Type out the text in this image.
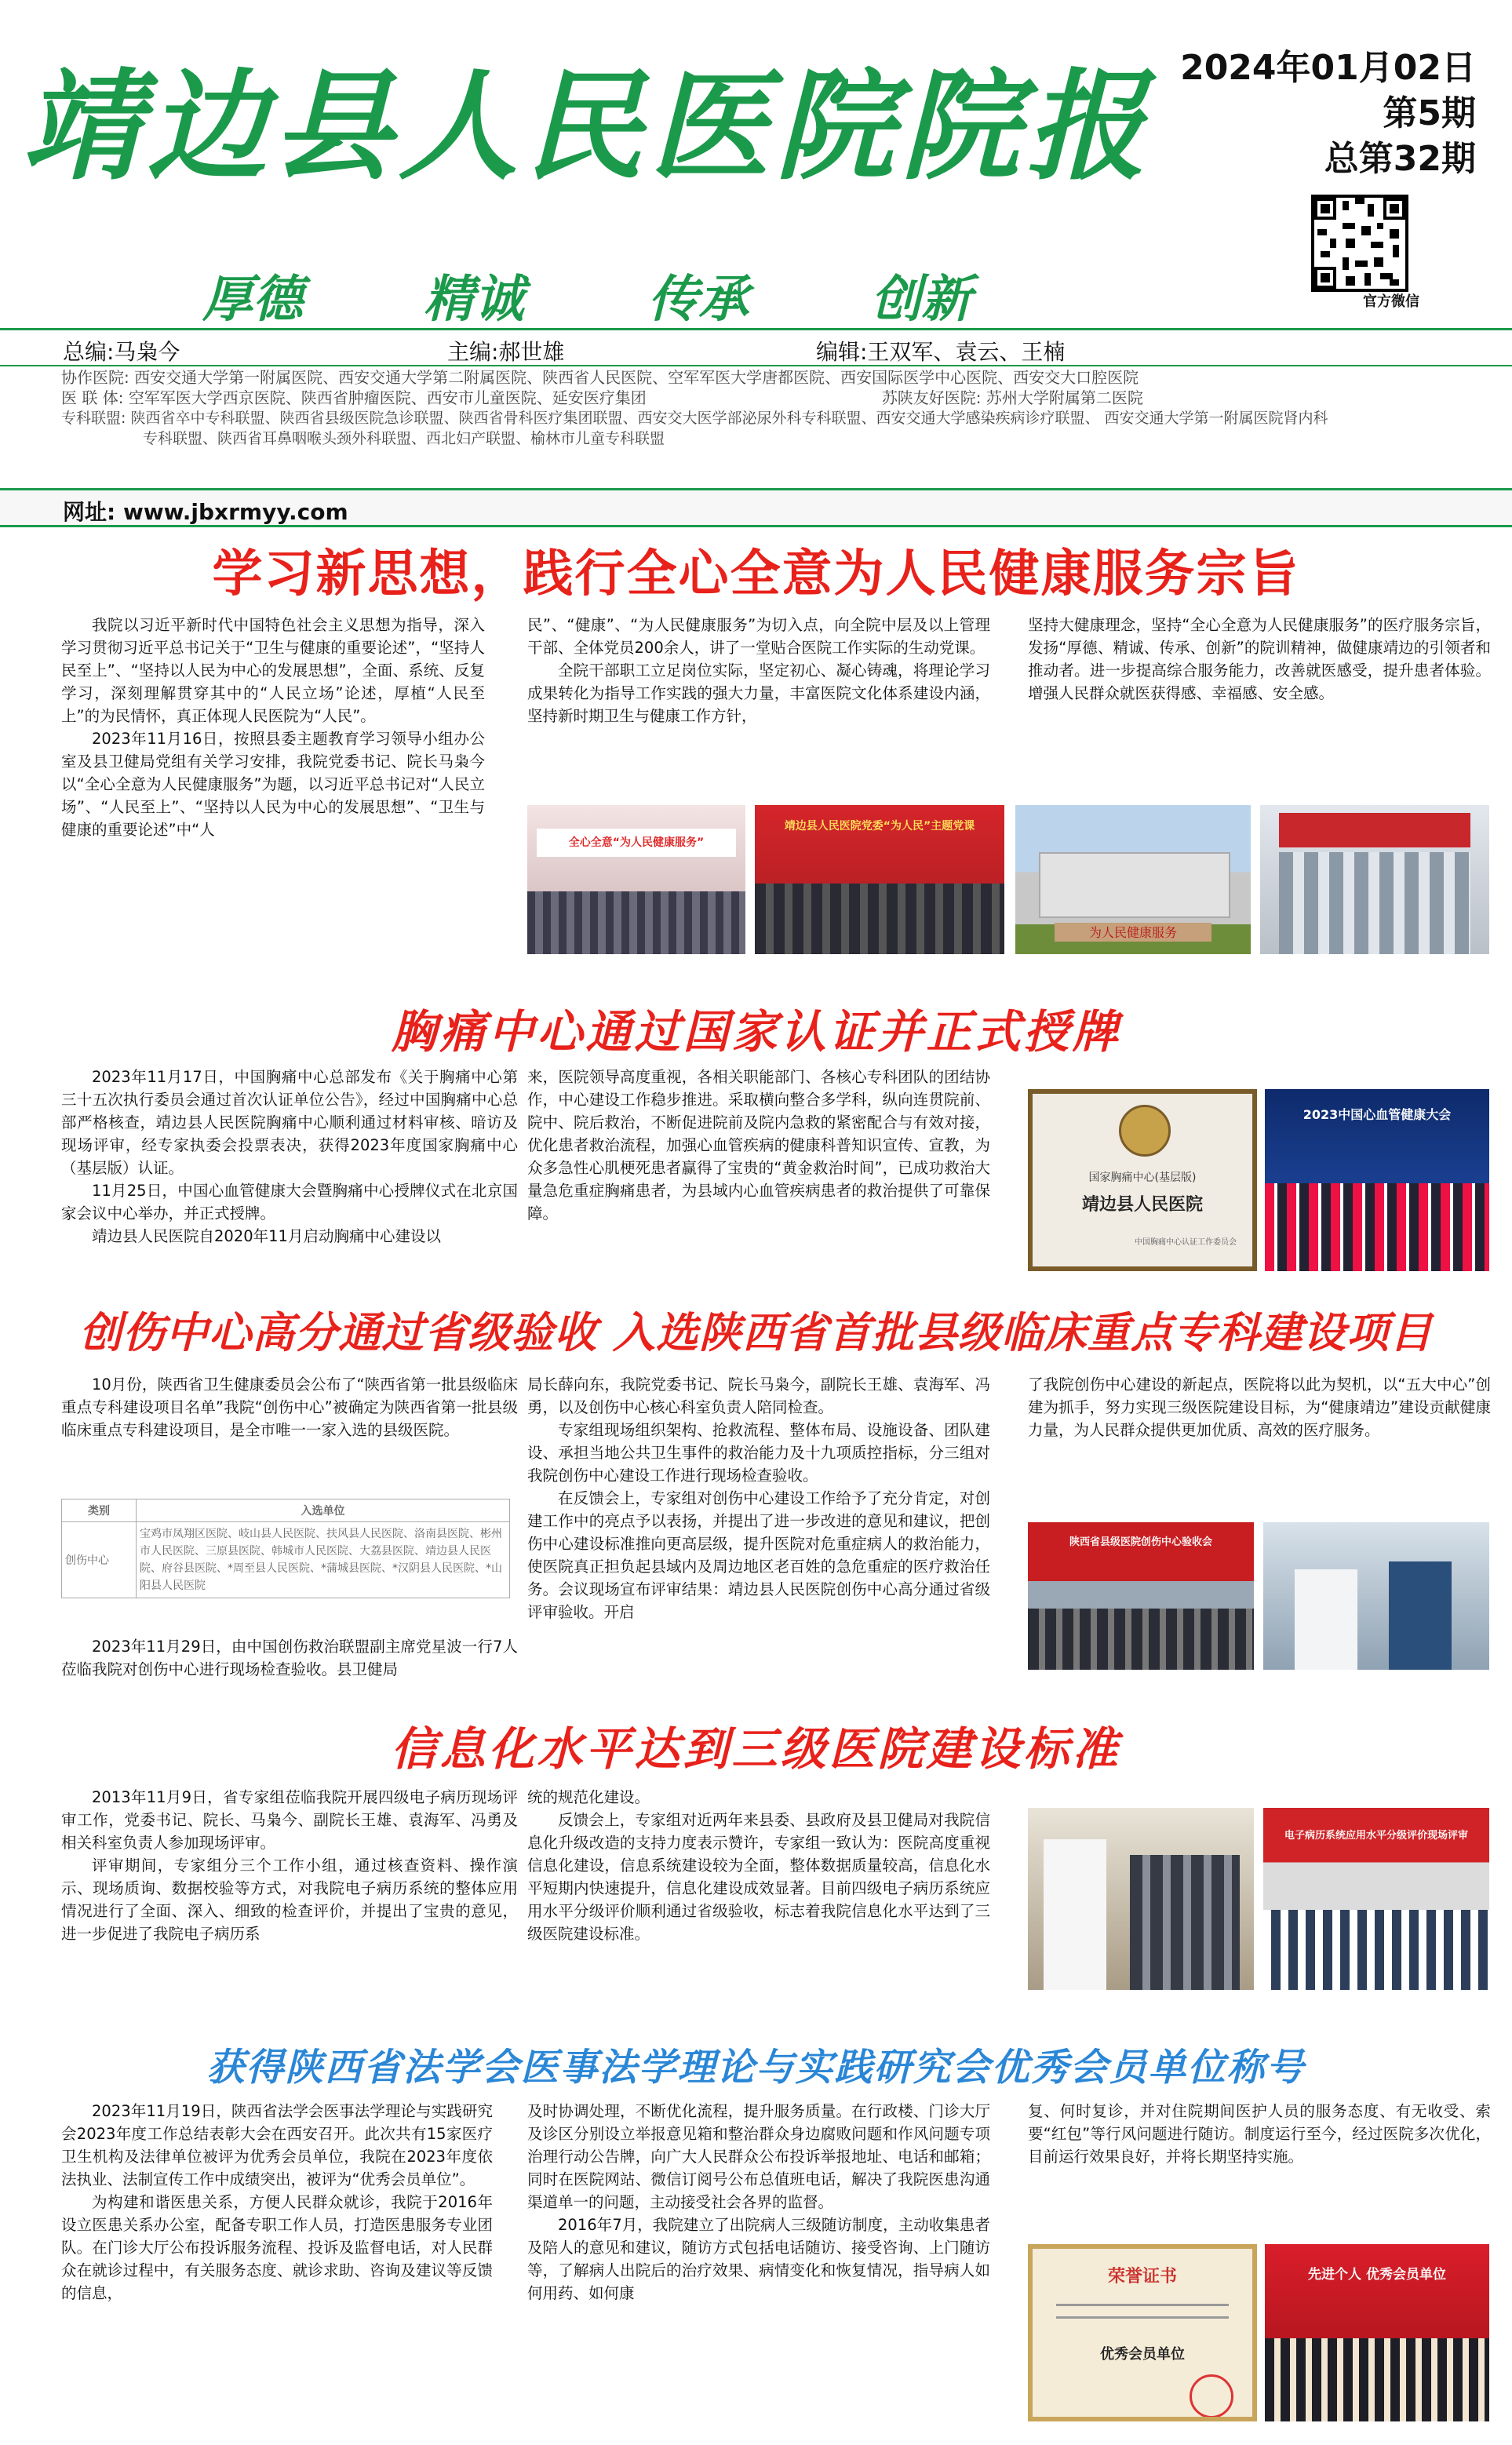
靖边县人民医院院报
厚德 精诚 传承 创新
2024年01月02日
第5期
总第32期
官方微信
总编:马枭今	主编:郝世雄	编辑:王双军、袁云、王楠
协作医院: 西安交通大学第一附属医院、西安交通大学第二附属医院、陕西省人民医院、空军军医大学唐都医院、西安国际医学中心医院、西安交大口腔医院
医 联 体: 空军军医大学西京医院、陕西省肿瘤医院、西安市儿童医院、延安医疗集团	苏陕友好医院: 苏州大学附属第二医院
专科联盟: 陕西省卒中专科联盟、陕西省县级医院急诊联盟、陕西省骨科医疗集团联盟、西安交大医学部泌尿外科专科联盟、西安交通大学感染疾病诊疗联盟、 西安交通大学第一附属医院肾内科
专科联盟、陕西省耳鼻咽喉头颈外科联盟、西北妇产联盟、榆林市儿童专科联盟
网址: www.jbxrmyy.com
学习新思想，践行全心全意为人民健康服务宗旨

我院以习近平新时代中国特色社会主义思想为指导，深入学习贯彻习近平总书记关于“卫生与健康的重要论述”，“坚持人民至上”、“坚持以人民为中心的发展思想”，全面、系统、反复学习，深刻理解贯穿其中的“人民立场”论述，厚植“人民至上”的为民情怀，真正体现人民医院为“人民”。

2023年11月16日，按照县委主题教育学习领导小组办公室及县卫健局党组有关学习安排，我院党委书记、院长马枭今以“全心全意为人民健康服务”为题，以习近平总书记对“人民立场”、“人民至上”、“坚持以人民为中心的发展思想”、“卫生与健康的重要论述”中“人

民”、“健康”、“为人民健康服务”为切入点，向全院中层及以上管理干部、全体党员200余人，讲了一堂贴合医院工作实际的生动党课。

全院干部职工立足岗位实际，坚定初心、凝心铸魂，将理论学习成果转化为指导工作实践的强大力量，丰富医院文化体系建设内涵，坚持新时期卫生与健康工作方针，

坚持大健康理念，坚持“全心全意为人民健康服务”的医疗服务宗旨，发扬“厚德、精诚、传承、创新”的院训精神，做健康靖边的引领者和推动者。进一步提高综合服务能力，改善就医感受，提升患者体验。增强人民群众就医获得感、幸福感、安全感。

全心全意“为人民健康服务”
靖边县人民医院党委“为人民”主题党课
为人民健康服务
胸痛中心通过国家认证并正式授牌

2023年11月17日，中国胸痛中心总部发布《关于胸痛中心第三十五次执行委员会通过首次认证单位公告》，经过中国胸痛中心总部严格核查，靖边县人民医院胸痛中心顺利通过材料审核、暗访及现场评审，经专家执委会投票表决，获得2023年度国家胸痛中心（基层版）认证。

11月25日，中国心血管健康大会暨胸痛中心授牌仪式在北京国家会议中心举办，并正式授牌。

靖边县人民医院自2020年11月启动胸痛中心建设以

来，医院领导高度重视，各相关职能部门、各核心专科团队的团结协作，中心建设工作稳步推进。采取横向整合多学科，纵向连贯院前、院中、院后救治，不断促进院前及院内急救的紧密配合与有效对接，优化患者救治流程，加强心血管疾病的健康科普知识宣传、宣教，为众多急性心肌梗死患者赢得了宝贵的“黄金救治时间”，已成功救治大量急危重症胸痛患者，为县域内心血管疾病患者的救治提供了可靠保障。

国家胸痛中心(基层版)
靖边县人民医院
中国胸痛中心认证工作委员会
2023中国心血管健康大会
创伤中心高分通过省级验收 入选陕西省首批县级临床重点专科建设项目

10月份，陕西省卫生健康委员会公布了“陕西省第一批县级临床重点专科建设项目名单”我院“创伤中心”被确定为陕西省第一批县级临床重点专科建设项目，是全市唯一一家入选的县级医院。

类别	入选单位
创伤中心	宝鸡市凤翔区医院、岐山县人民医院、扶风县人民医院、洛南县医院、彬州市人民医院、三原县医院、韩城市人民医院、大荔县医院、靖边县人民医院、府谷县医院、*周至县人民医院、*蒲城县医院、*汉阴县人民医院、*山阳县人民医院

2023年11月29日，由中国创伤救治联盟副主席党星波一行7人莅临我院对创伤中心进行现场检查验收。县卫健局

局长薛向东，我院党委书记、院长马枭今，副院长王雄、袁海军、冯勇，以及创伤中心核心科室负责人陪同检查。

专家组现场组织架构、抢救流程、整体布局、设施设备、团队建设、承担当地公共卫生事件的救治能力及十九项质控指标，分三组对我院创伤中心建设工作进行现场检查验收。

在反馈会上，专家组对创伤中心建设工作给予了充分肯定，对创建工作中的亮点予以表扬，并提出了进一步改进的意见和建议，把创伤中心建设标准推向更高层级，提升医院对危重症病人的救治能力，使医院真正担负起县域内及周边地区老百姓的急危重症的医疗救治任务。会议现场宣布评审结果：靖边县人民医院创伤中心高分通过省级评审验收。开启

了我院创伤中心建设的新起点，医院将以此为契机，以“五大中心”创建为抓手，努力实现三级医院建设目标，为“健康靖边”建设贡献健康力量，为人民群众提供更加优质、高效的医疗服务。

陕西省县级医院创伤中心验收会
信息化水平达到三级医院建设标准

2013年11月9日，省专家组莅临我院开展四级电子病历现场评审工作，党委书记、院长、马枭今、副院长王雄、袁海军、冯勇及相关科室负责人参加现场评审。

评审期间，专家组分三个工作小组，通过核查资料、操作演示、现场质询、数据校验等方式，对我院电子病历系统的整体应用情况进行了全面、深入、细致的检查评价，并提出了宝贵的意见，进一步促进了我院电子病历系

统的规范化建设。

反馈会上，专家组对近两年来县委、县政府及县卫健局对我院信息化升级改造的支持力度表示赞许，专家组一致认为：医院高度重视信息化建设，信息系统建设较为全面，整体数据质量较高，信息化水平短期内快速提升，信息化建设成效显著。目前四级电子病历系统应用水平分级评价顺利通过省级验收，标志着我院信息化水平达到了三级医院建设标准。

电子病历系统应用水平分级评价现场评审
获得陕西省法学会医事法学理论与实践研究会优秀会员单位称号

2023年11月19日，陕西省法学会医事法学理论与实践研究会2023年度工作总结表彰大会在西安召开。此次共有15家医疗卫生机构及法律单位被评为优秀会员单位，我院在2023年度依法执业、法制宣传工作中成绩突出，被评为“优秀会员单位”。

为构建和谐医患关系，方便人民群众就诊，我院于2016年设立医患关系办公室，配备专职工作人员，打造医患服务专业团队。在门诊大厅公布投诉服务流程、投诉及监督电话，对人民群众在就诊过程中，有关服务态度、就诊求助、咨询及建议等反馈的信息，

及时协调处理，不断优化流程，提升服务质量。在行政楼、门诊大厅及诊区分别设立举报意见箱和整治群众身边腐败问题和作风问题专项治理行动公告牌，向广大人民群众公布投诉举报地址、电话和邮箱；同时在医院网站、微信订阅号公布总值班电话，解决了我院医患沟通渠道单一的问题，主动接受社会各界的监督。

2016年7月，我院建立了出院病人三级随访制度，主动收集患者及陪人的意见和建议，随访方式包括电话随访、接受咨询、上门随访等，了解病人出院后的治疗效果、病情变化和恢复情况，指导病人如何用药、如何康

复、何时复诊，并对住院期间医护人员的服务态度、有无收受、索要“红包”等行风问题进行随访。制度运行至今，经过医院多次优化，目前运行效果良好，并将长期坚持实施。

荣誉证书
优秀会员单位
先进个人 优秀会员单位
